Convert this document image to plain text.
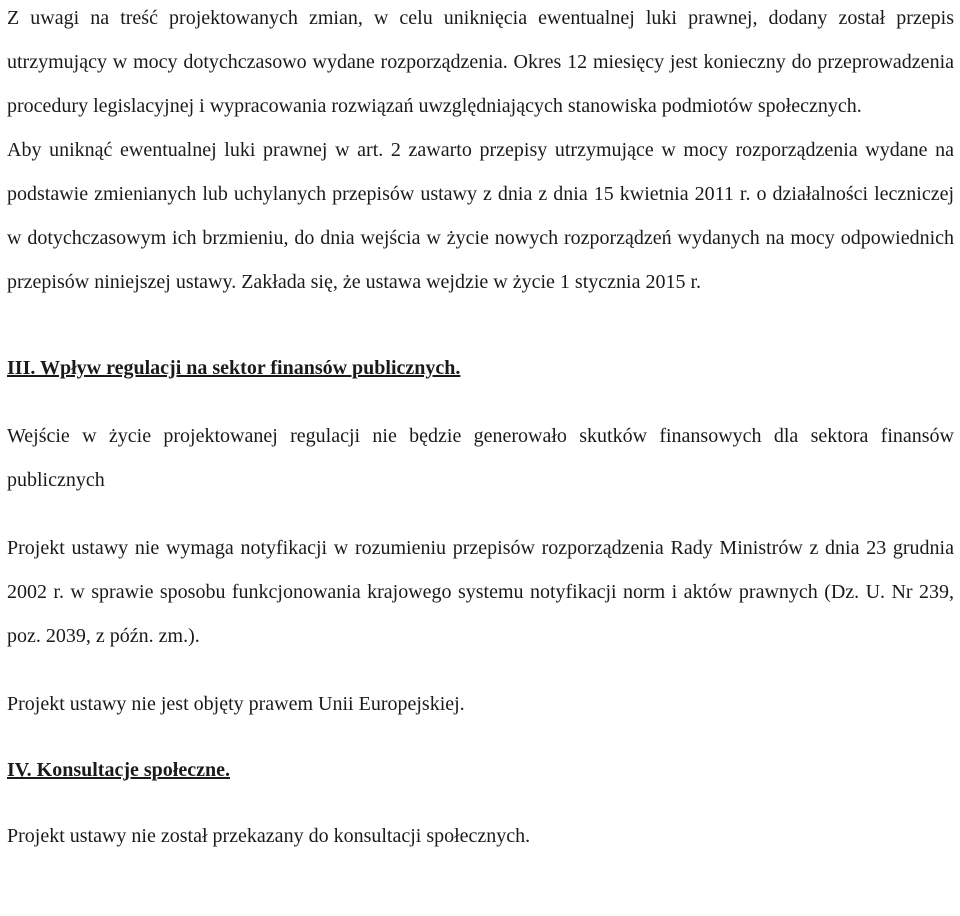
Z uwagi na treść projektowanych zmian, w celu uniknięcia ewentualnej luki prawnej, dodany został przepis utrzymujący w mocy dotychczasowo wydane rozporządzenia. Okres 12 miesięcy jest konieczny do przeprowadzenia procedury legislacyjnej i wypracowania rozwiązań uwzględniających stanowiska podmiotów społecznych.

Aby uniknąć ewentualnej luki prawnej w art. 2 zawarto przepisy utrzymujące w mocy rozporządzenia wydane na podstawie zmienianych lub uchylanych przepisów ustawy z dnia z dnia 15 kwietnia 2011 r. o działalności leczniczej w dotychczasowym ich brzmieniu, do dnia wejścia w życie nowych rozporządzeń wydanych na mocy odpowiednich przepisów niniejszej ustawy. Zakłada się, że ustawa wejdzie w życie 1 stycznia 2015 r.

III. Wpływ regulacji na sektor finansów publicznych.

Wejście w życie projektowanej regulacji nie będzie generowało skutków finansowych dla sektora finansów publicznych

Projekt ustawy nie wymaga notyfikacji w rozumieniu przepisów rozporządzenia Rady Ministrów z dnia 23 grudnia 2002 r. w sprawie sposobu funkcjonowania krajowego systemu notyfikacji norm i aktów prawnych (Dz. U. Nr 239, poz. 2039, z późn. zm.).

Projekt ustawy nie jest objęty prawem Unii Europejskiej.

IV. Konsultacje społeczne.

Projekt ustawy nie został przekazany do konsultacji społecznych.
